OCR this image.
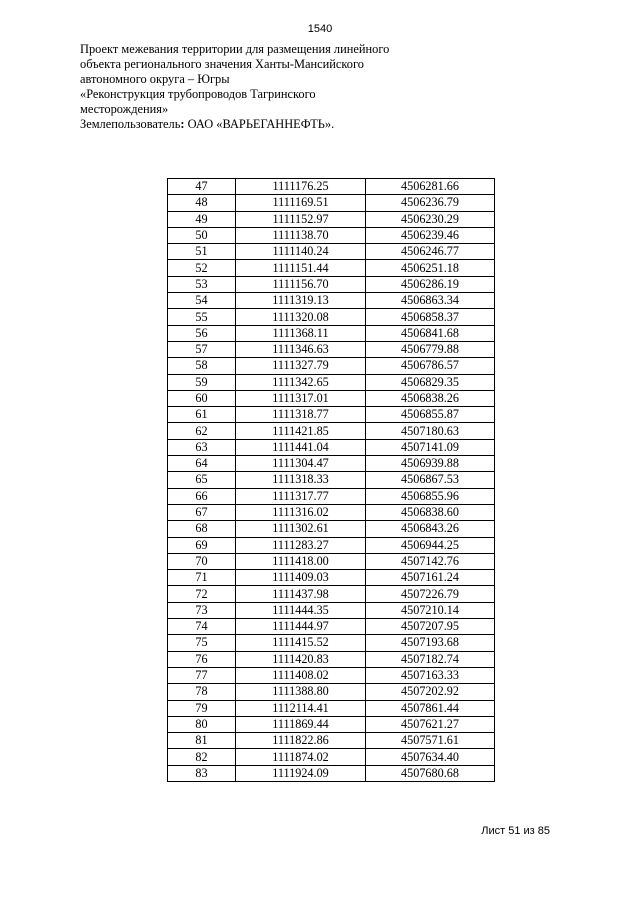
1540
Проект межевания территории для размещения линейного
объекта регионального значения Ханты-Мансийского
автономного округа – Югры
«Реконструкция трубопроводов Тагринского
месторождения»
Землепользователь: ОАО «ВАРЬЕГАННЕФТЬ».
47	1111176.25	4506281.66
48	1111169.51	4506236.79
49	1111152.97	4506230.29
50	1111138.70	4506239.46
51	1111140.24	4506246.77
52	1111151.44	4506251.18
53	1111156.70	4506286.19
54	1111319.13	4506863.34
55	1111320.08	4506858.37
56	1111368.11	4506841.68
57	1111346.63	4506779.88
58	1111327.79	4506786.57
59	1111342.65	4506829.35
60	1111317.01	4506838.26
61	1111318.77	4506855.87
62	1111421.85	4507180.63
63	1111441.04	4507141.09
64	1111304.47	4506939.88
65	1111318.33	4506867.53
66	1111317.77	4506855.96
67	1111316.02	4506838.60
68	1111302.61	4506843.26
69	1111283.27	4506944.25
70	1111418.00	4507142.76
71	1111409.03	4507161.24
72	1111437.98	4507226.79
73	1111444.35	4507210.14
74	1111444.97	4507207.95
75	1111415.52	4507193.68
76	1111420.83	4507182.74
77	1111408.02	4507163.33
78	1111388.80	4507202.92
79	1112114.41	4507861.44
80	1111869.44	4507621.27
81	1111822.86	4507571.61
82	1111874.02	4507634.40
83	1111924.09	4507680.68
Лист 51 из 85
